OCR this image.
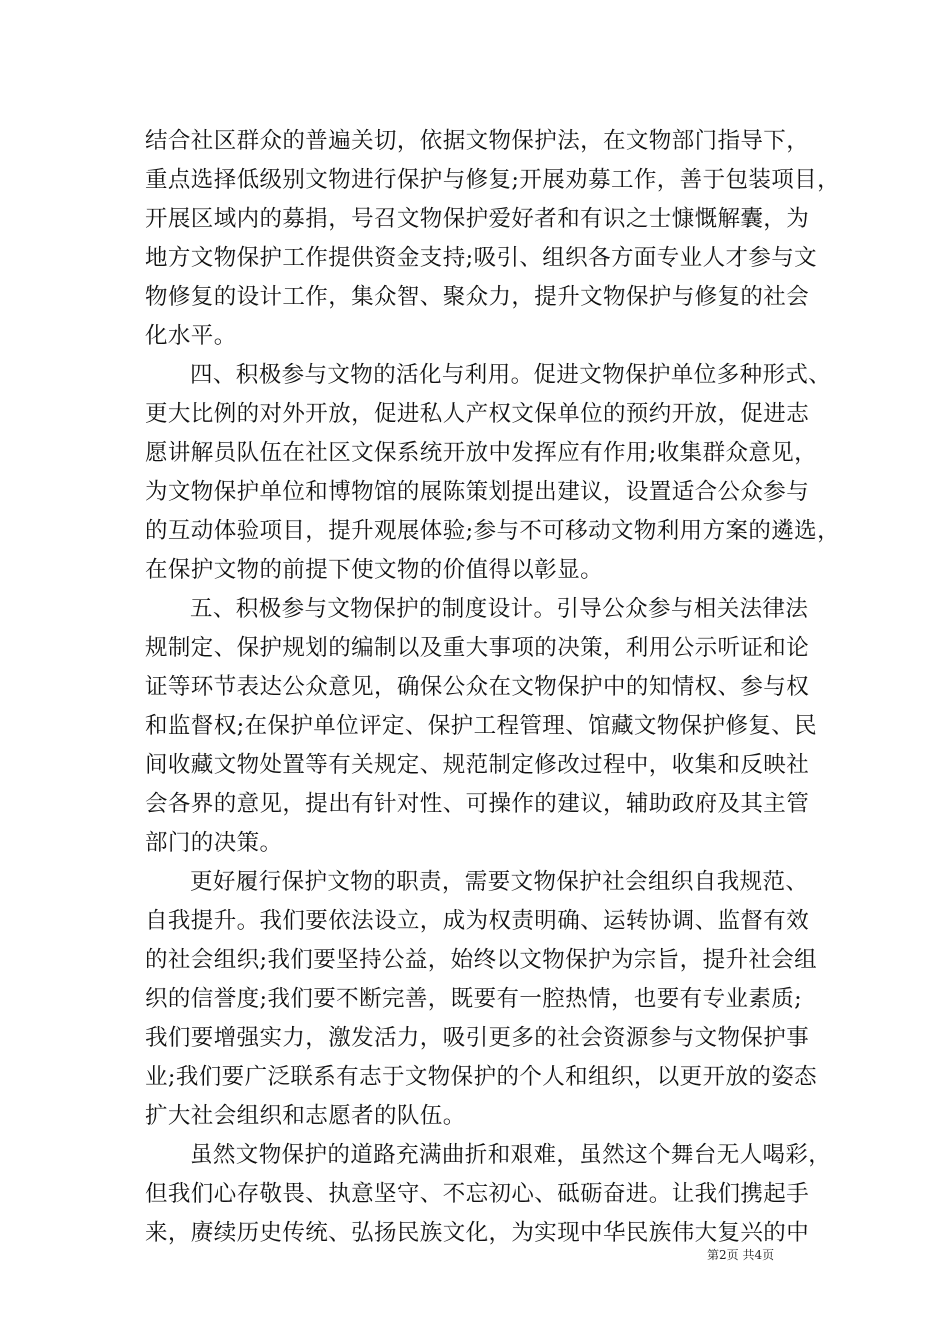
结合社区群众的普遍关切，依据文物保护法，在文物部门指导下，
重点选择低级别文物进行保护与修复;开展劝募工作，善于包装项目，
开展区域内的募捐，号召文物保护爱好者和有识之士慷慨解囊，为
地方文物保护工作提供资金支持;吸引、组织各方面专业人才参与文
物修复的设计工作，集众智、聚众力，提升文物保护与修复的社会
化水平。
四、积极参与文物的活化与利用。促进文物保护单位多种形式、
更大比例的对外开放，促进私人产权文保单位的预约开放，促进志
愿讲解员队伍在社区文保系统开放中发挥应有作用;收集群众意见，
为文物保护单位和博物馆的展陈策划提出建议，设置适合公众参与
的互动体验项目，提升观展体验;参与不可移动文物利用方案的遴选，
在保护文物的前提下使文物的价值得以彰显。
五、积极参与文物保护的制度设计。引导公众参与相关法律法
规制定、保护规划的编制以及重大事项的决策，利用公示听证和论
证等环节表达公众意见，确保公众在文物保护中的知情权、参与权
和监督权;在保护单位评定、保护工程管理、馆藏文物保护修复、民
间收藏文物处置等有关规定、规范制定修改过程中，收集和反映社
会各界的意见，提出有针对性、可操作的建议，辅助政府及其主管
部门的决策。
更好履行保护文物的职责，需要文物保护社会组织自我规范、
自我提升。我们要依法设立，成为权责明确、运转协调、监督有效
的社会组织;我们要坚持公益，始终以文物保护为宗旨，提升社会组
织的信誉度;我们要不断完善，既要有一腔热情，也要有专业素质;
我们要增强实力，激发活力，吸引更多的社会资源参与文物保护事
业;我们要广泛联系有志于文物保护的个人和组织，以更开放的姿态
扩大社会组织和志愿者的队伍。
虽然文物保护的道路充满曲折和艰难，虽然这个舞台无人喝彩，
但我们心存敬畏、执意坚守、不忘初心、砥砺奋进。让我们携起手
来，赓续历史传统、弘扬民族文化，为实现中华民族伟大复兴的中
第2页 共4页
